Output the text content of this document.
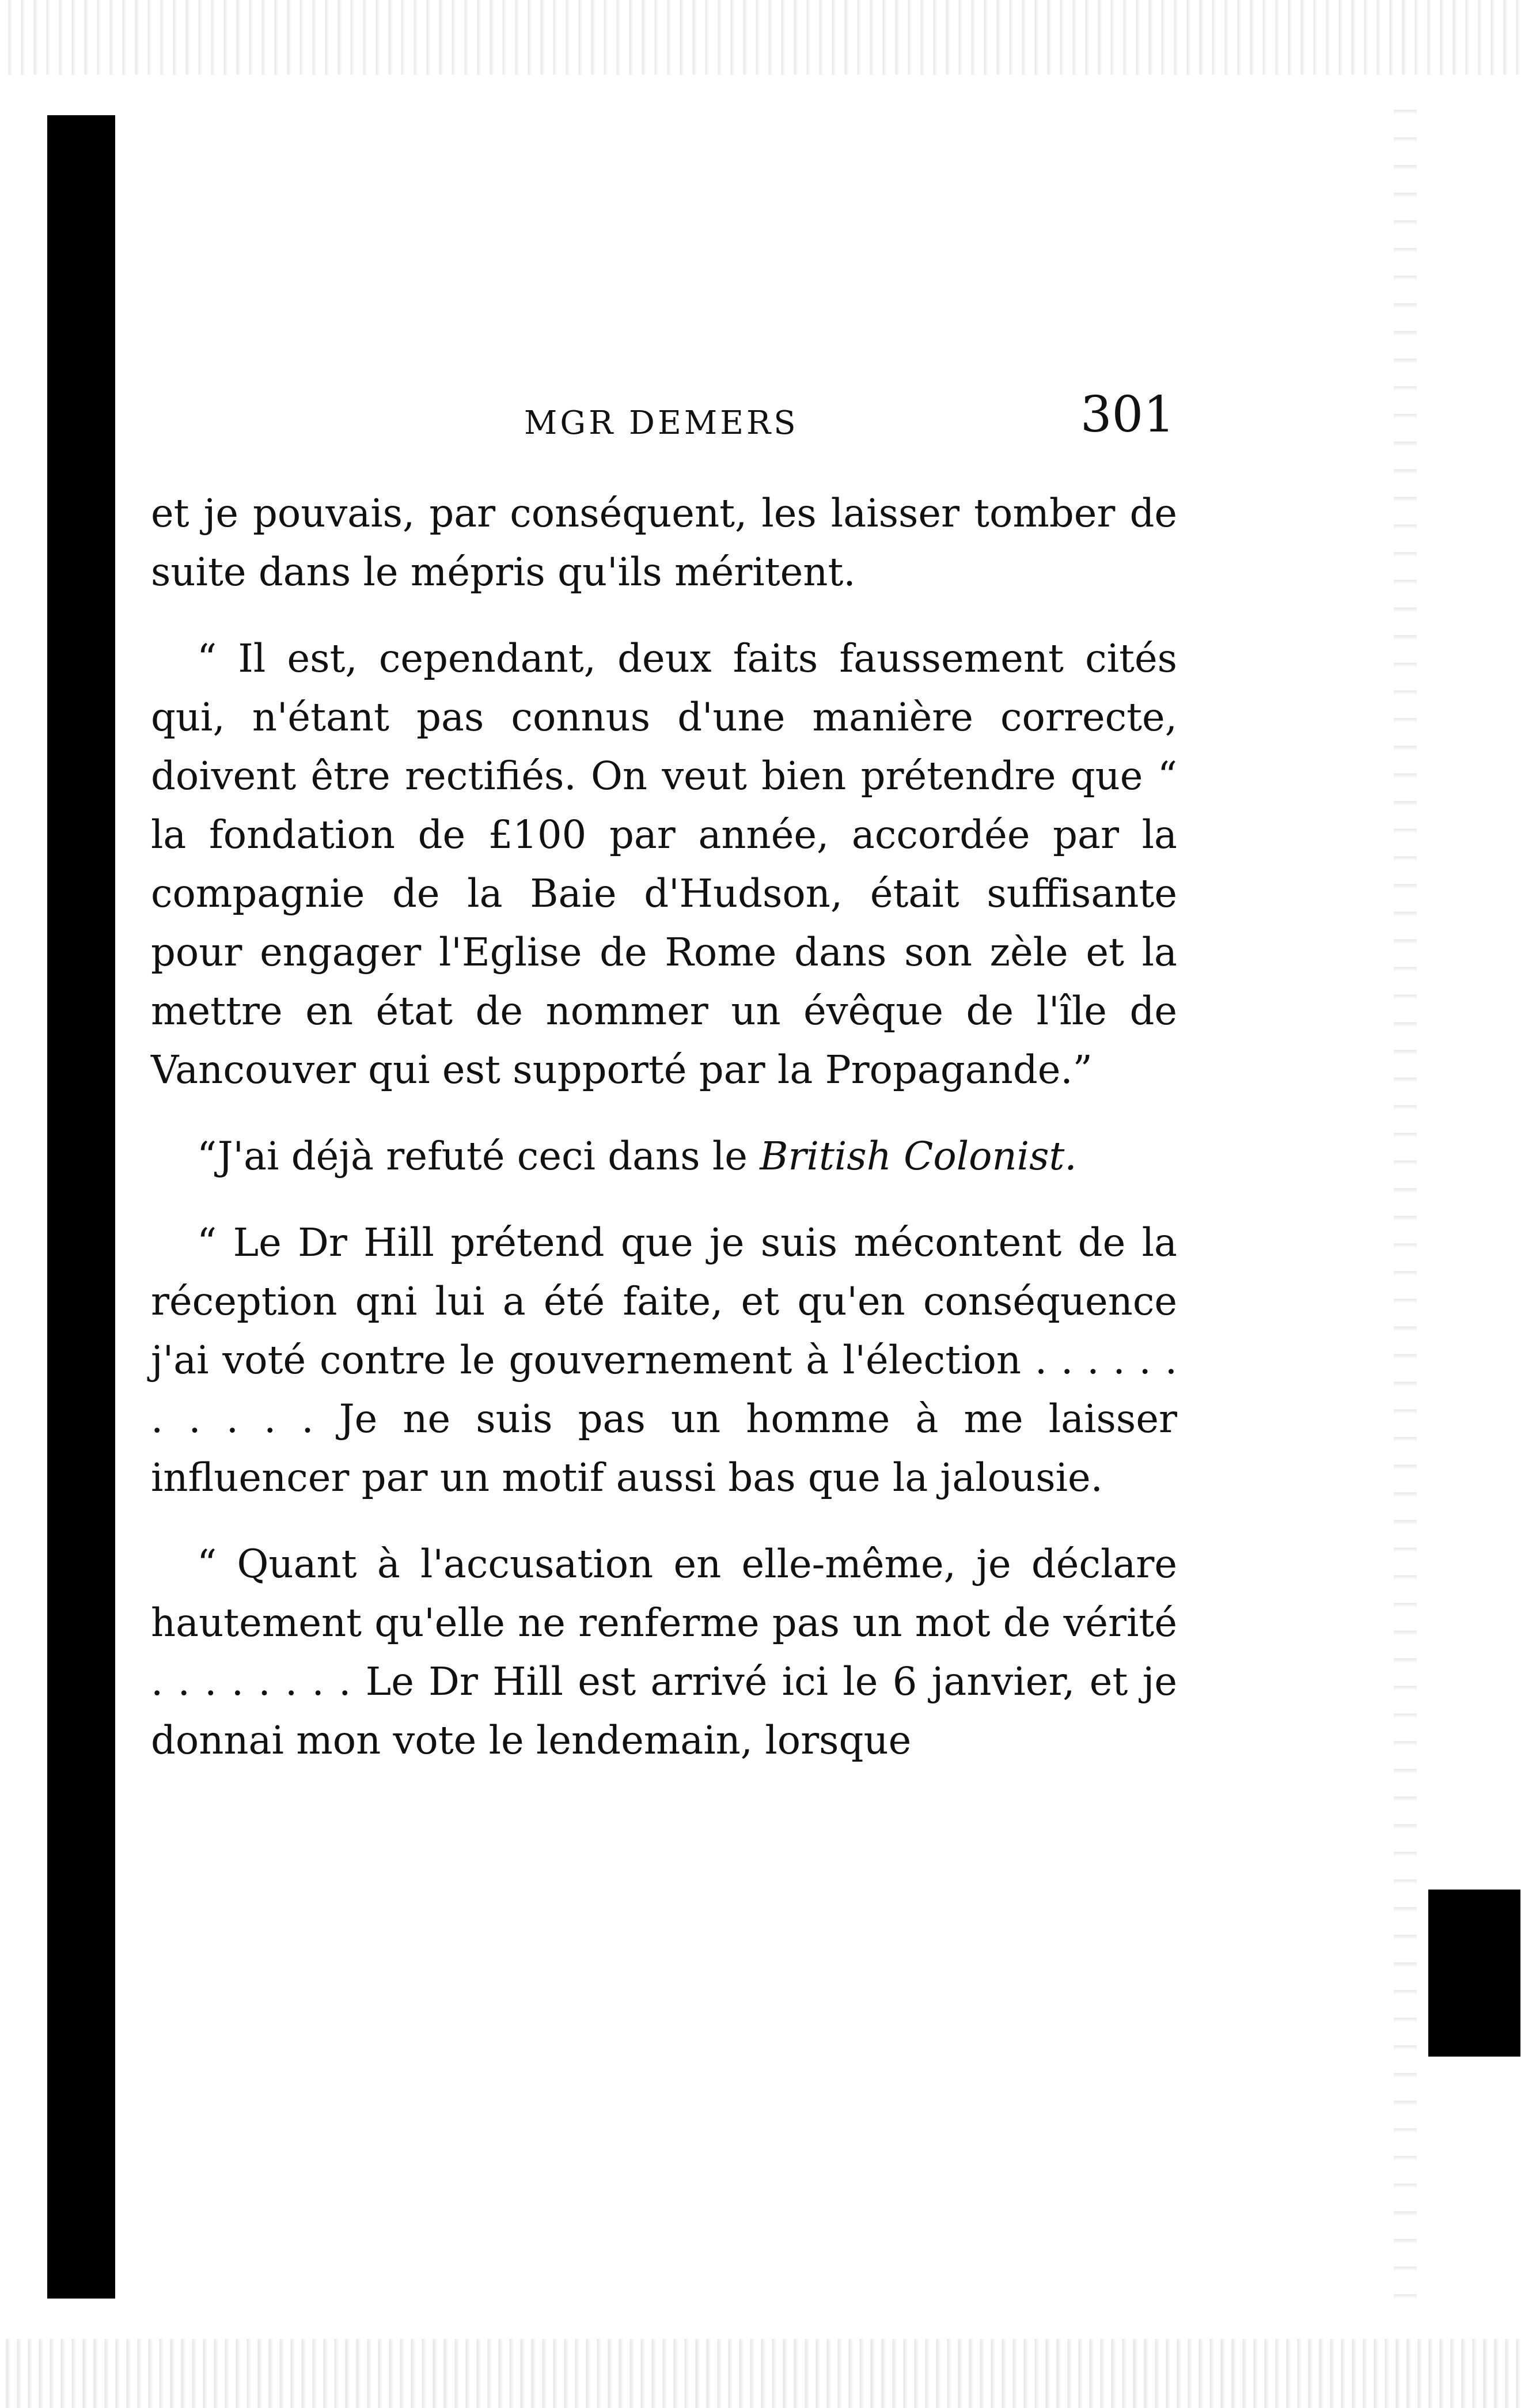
MGR DEMERS	301

et je pouvais, par conséquent, les laisser tomber de suite dans le mépris qu'ils méritent.

“ Il est, cependant, deux faits faussement cités qui, n'étant pas connus d'une manière correcte, doivent être rectifiés. On veut bien prétendre que “ la fondation de £100 par année, accordée par la compagnie de la Baie d'Hudson, était suffisante pour engager l'Eglise de Rome dans son zèle et la mettre en état de nommer un évêque de l'île de Vancouver qui est supporté par la Propagande.”

“J'ai déjà refuté ceci dans le British Colonist.

“ Le Dr Hill prétend que je suis mécontent de la réception qni lui a été faite, et qu'en conséquence j'ai voté contre le gouvernement à l'élection . . . . . . . . . . . Je ne suis pas un homme à me laisser influencer par un motif aussi bas que la jalousie.

“ Quant à l'accusation en elle-même, je déclare hautement qu'elle ne renferme pas un mot de vérité . . . . . . . . Le Dr Hill est arrivé ici le 6 janvier, et je donnai mon vote le lendemain, lorsque
